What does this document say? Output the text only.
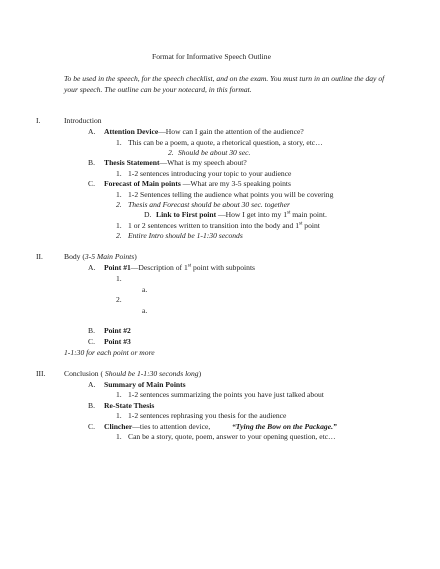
Format for Informative Speech Outline
To be used in the speech, for the speech checklist, and on the exam. You must turn in an outline the day of your speech. The outline can be your notecard, in this format.
I.	Introduction
A. Attention Device—How can I gain the attention of the audience?
1. This can be a poem, a quote, a rhetorical question, a story, etc…
2. Should be about 30 sec.
B. Thesis Statement—What is my speech about?
1. 1-2 sentences introducing your topic to your audience
C. Forecast of Main points —What are my 3-5 speaking points
1. 1-2 Sentences telling the audience what points you will be covering
2. Thesis and Forecast should be about 30 sec. together
D. Link to First point —How I get into my 1st main point.
1. 1 or 2 sentences written to transition into the body and 1st point
2. Entire Intro should be 1-1:30 seconds
II.	Body (3-5 Main Points)
A. Point #1—Description of 1st point with subpoints
1.
a.
2.
a.
B. Point #2
C. Point #3
1-1:30 for each point or more
III. Conclusion ( Should be 1-1:30 seconds long)
A. Summary of Main Points
1. 1-2 sentences summarizing the points you have just talked about
B. Re-State Thesis
1. 1-2 sentences rephrasing you thesis for the audience
C. Clincher—ties to attention device,	“Tying the Bow on the Package.”
1. Can be a story, quote, poem, answer to your opening question, etc…
